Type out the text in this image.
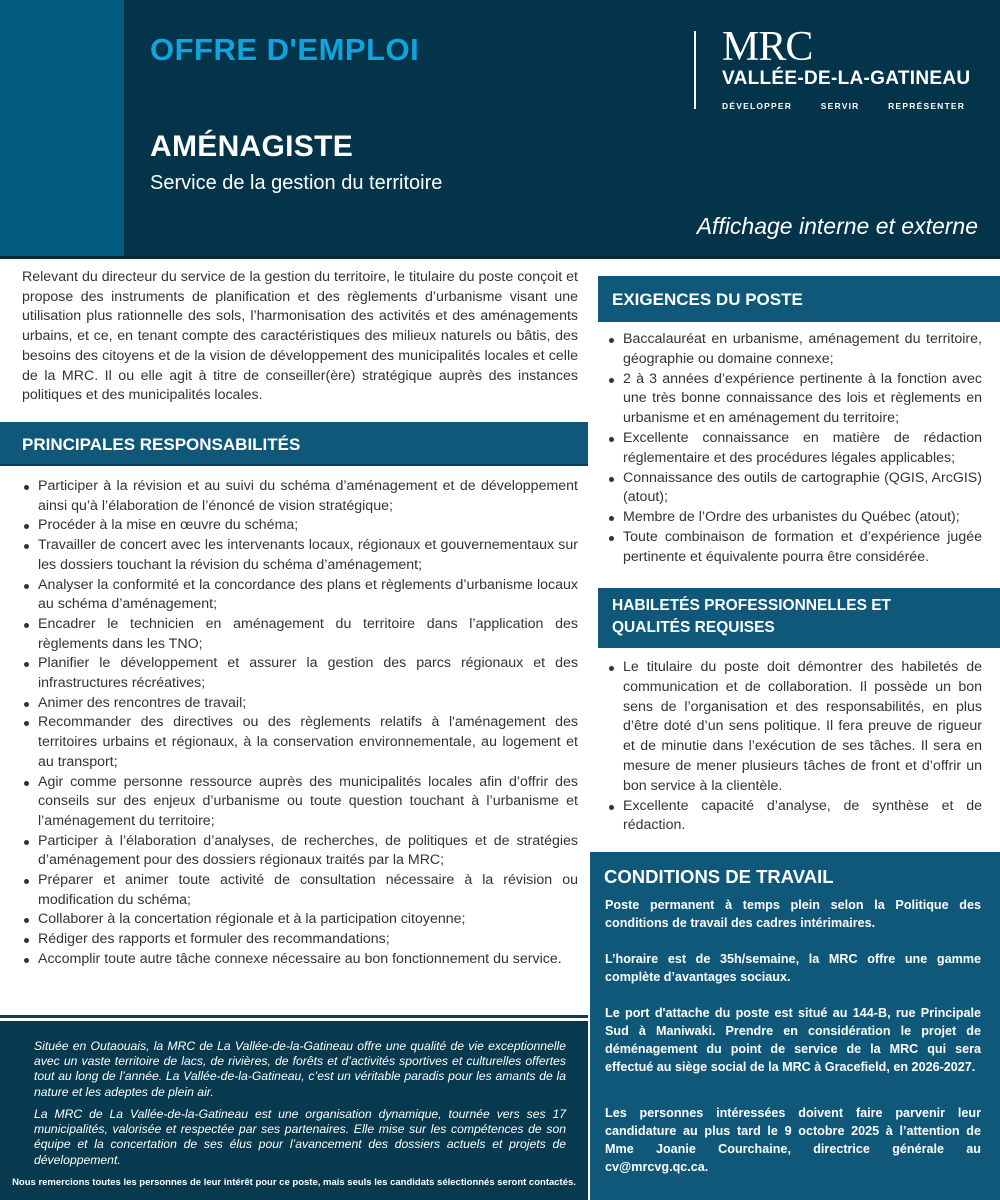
OFFRE D'EMPLOI
AMÉNAGISTE
Service de la gestion du territoire
Affichage interne et externe
MRC
VALLÉE-DE-LA-GATINEAU
DÉVELOPPER   SERVIR   REPRÉSENTER
Relevant du directeur du service de la gestion du territoire, le titulaire du poste conçoit et propose des instruments de planification et des règlements d’urbanisme visant une utilisation plus rationnelle des sols, l’harmonisation des activités et des aménagements urbains, et ce, en tenant compte des caractéristiques des milieux naturels ou bâtis, des besoins des citoyens et de la vision de développement des municipalités locales et celle de la MRC. Il ou elle agit à titre de conseiller(ère) stratégique auprès des instances politiques et des municipalités locales.
PRINCIPALES RESPONSABILITÉS
Participer à la révision et au suivi du schéma d’aménagement et de développement ainsi qu’à l’élaboration de l’énoncé de vision stratégique;
Procéder à la mise en œuvre du schéma;
Travailler de concert avec les intervenants locaux, régionaux et gouvernementaux sur les dossiers touchant la révision du schéma d’aménagement;
Analyser la conformité et la concordance des plans et règlements d’urbanisme locaux au schéma d’aménagement;
Encadrer le technicien en aménagement du territoire dans l’application des règlements dans les TNO;
Planifier le développement et assurer la gestion des parcs régionaux et des infrastructures récréatives;
Animer des rencontres de travail;
Recommander des directives ou des règlements relatifs à l'aménagement des territoires urbains et régionaux, à la conservation environnementale, au logement et au transport;
Agir comme personne ressource auprès des municipalités locales afin d’offrir des conseils sur des enjeux d’urbanisme ou toute question touchant à l’urbanisme et l’aménagement du territoire;
Participer à l’élaboration d’analyses, de recherches, de politiques et de stratégies d’aménagement pour des dossiers régionaux traités par la MRC;
Préparer et animer toute activité de consultation nécessaire à la révision ou modification du schéma;
Collaborer à la concertation régionale et à la participation citoyenne;
Rédiger des rapports et formuler des recommandations;
Accomplir toute autre tâche connexe nécessaire au bon fonctionnement du service.
Située en Outaouais, la MRC de La Vallée-de-la-Gatineau offre une qualité de vie exceptionnelle avec un vaste territoire de lacs, de rivières, de forêts et d’activités sportives et culturelles offertes tout au long de l’année. La Vallée-de-la-Gatineau, c’est un véritable paradis pour les amants de la nature et les adeptes de plein air.
La MRC de La Vallée-de-la-Gatineau est une organisation dynamique, tournée vers ses 17 municipalités, valorisée et respectée par ses partenaires. Elle mise sur les compétences de son équipe et la concertation de ses élus pour l’avancement des dossiers actuels et projets de développement.
Nous remercions toutes les personnes de leur intérêt pour ce poste, mais seuls les candidats sélectionnés seront contactés.
EXIGENCES DU POSTE
Baccalauréat en urbanisme, aménagement du territoire, géographie ou domaine connexe;
2 à 3 années d’expérience pertinente à la fonction avec une très bonne connaissance des lois et règlements en urbanisme et en aménagement du territoire;
Excellente connaissance en matière de rédaction réglementaire et des procédures légales applicables;
Connaissance des outils de cartographie (QGIS, ArcGIS) (atout);
Membre de l’Ordre des urbanistes du Québec (atout);
Toute combinaison de formation et d’expérience jugée pertinente et équivalente pourra être considérée.
HABILETÉS PROFESSIONNELLES ET
QUALITÉS REQUISES
Le titulaire du poste doit démontrer des habiletés de communication et de collaboration. Il possède un bon sens de l’organisation et des responsabilités, en plus d’être doté d’un sens politique. Il fera preuve de rigueur et de minutie dans l’exécution de ses tâches. Il sera en mesure de mener plusieurs tâches de front et d’offrir un bon service à la clientèle.
Excellente capacité d’analyse, de synthèse et de rédaction.
CONDITIONS DE TRAVAIL
Poste permanent à temps plein selon la Politique des conditions de travail des cadres intérimaires.
L’horaire est de 35h/semaine, la MRC offre une gamme complète d’avantages sociaux.
Le port d'attache du poste est situé au 144-B, rue Principale Sud à Maniwaki. Prendre en considération le projet de déménagement du point de service de la MRC qui sera effectué au siège social de la MRC à Gracefield, en 2026-2027.
Les personnes intéressées doivent faire parvenir leur candidature au plus tard le 9 octobre 2025 à l’attention de Mme Joanie Courchaine, directrice générale au cv@mrcvg.qc.ca.
